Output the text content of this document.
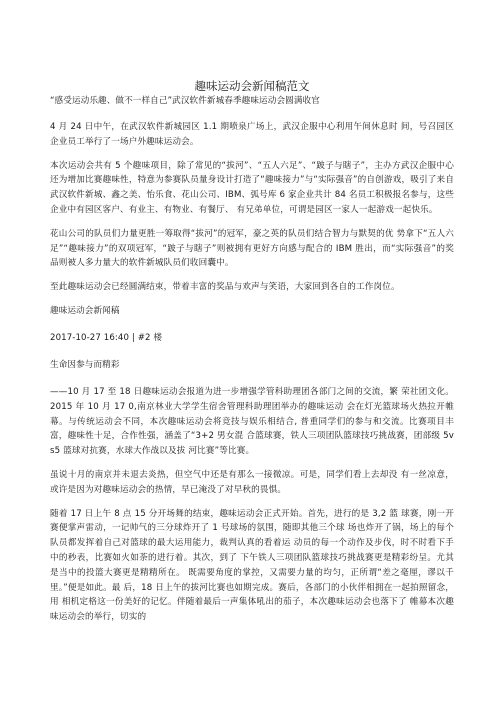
趣味运动会新闻稿范文

“感受运动乐趣、做不一样自己”武汉软件新城春季趣味运动会圆满收官

4 月 24 日中午，在武汉软件新城园区 1.1 期喷泉广场上，武汉企服中心利用午间休息时 间，号召园区企业员工举行了一场户外趣味运动会。

本次运动会共有 5 个趣味项目，除了常见的“拔河”、“五人六足”、“跛子与瞎子”，主办方武汉企服中心还为增加比赛趣味性，特意为参赛队员量身设计打造了“趣味接力”与“实际强音”的自创游戏，吸引了来自武汉软件新城、鑫之美、怡乐食、花山公司、IBM、弧号库 6 家企业共计 84 名员工积极报名参与，这些企业中有园区客户、有业主、有物业、有餐厅、 有兄弟单位，可谓是园区一家人一起游戏一起快乐。

花山公司的队员们力量更胜一筹取得“拔河”的冠军，豪之英的队员们结合智力与默契的优 势拿下“五人六足”“趣味接力”的双项冠军，“跛子与瞎子”则被拥有更好方向感与配合的 IBM 胜出，而“实际强音”的奖品则被人多力量大的软件新城队员们收回囊中。

至此趣味运动会已经圆满结束，带着丰富的奖品与欢声与笑语，大家回到各自的工作岗位。

趣味运动会新闻稿

2017-10-27 16:40 | #2 楼

生命因参与而精彩

——10 月 17 至 18 日趣味运动会报道为进一步增强学管科助理团各部门之间的交流，繁 荣社团文化。2015 年 10 月 17 0,南京林业大学学生宿舍管理科助理团举办的趣味运动 会在灯光篮球场火热拉开帷幕。与传统运动会不同，本次趣味运动会将竞技与娱乐相结合, 普重同学们的参与和交流。比赛项目丰富，趣味性十足，合作性强，涵盖了“3+2 男女混 合篮球赛，铁人三项团队篮球技巧挑战赛，团部级 5vs5 篮球对抗赛，水球大作战以及拔 河比赛”等比赛。

虽说十月的南京并未退去炎热，但空气中还是有那么一接微凉。可是，同学们看上去却没 有一丝凉意，或许是因为对趣味运动会的热情，早已淹没了对早秋的畏惧。

随着 17 日上午 8 点 15 分开场舞的结束，趣味运动会正式开始。首先，进行的是 3,2 篮 球赛，刚一开赛便掌声雷动，一记帅气的三分球炸开了 1 号球场的氛围，随即其他三个球 场也炸开了锅，场上的每个队员都发挥着自己对篮球的最大运用能力，裁判认真的看着运 动员的每一个动作及步伐，时不时看下手中的秒表，比赛如火如荼的进行着。其次，到了 下午铁人三项团队篮球技巧挑战赛更是精彩纷呈。尤其是当中的投篮大赛更是精精所在。 既需要角度的掌控，又需要力量的均匀，正所谓“差之毫厘，谬以千里。”便是如此。最 后，18 日上午的拔河比赛也如期完成。赛后，各部门的小伙伴相拥在一起拍照留念，用 相机定格这一份美好的记忆。伴随着最后一声集体吼出的茄子，本次趣味运动会也落下了 帷幕本次趣味运动会的举行，切实的
